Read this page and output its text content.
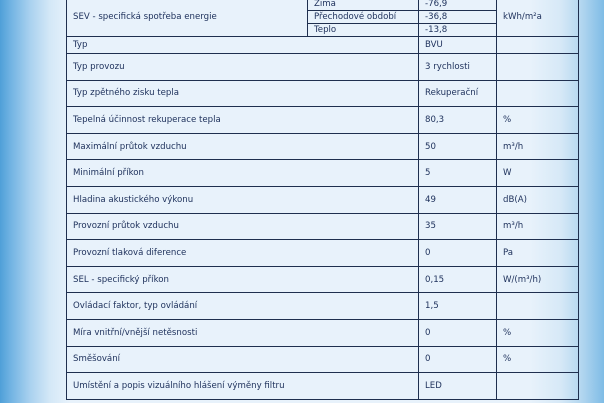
SEV - specifická spotřeba energie	Zima	-76,9	kWh/m²a
	Přechodové období	-36,8	
	Teplo	-13,8	
Typ		BVU	
Typ provozu		3 rychlosti	
Typ zpětného zisku tepla		Rekuperační	
Tepelná účinnost rekuperace tepla		80,3	%
Maximální průtok vzduchu		50	m³/h
Minimální příkon		5	W
Hladina akustického výkonu		49	dB(A)
Provozní průtok vzduchu		35	m³/h
Provozní tlaková diference		0	Pa
SEL - specifický příkon		0,15	W/(m³/h)
Ovládací faktor, typ ovládání		1,5	
Míra vnitřní/vnější netěsnosti		0	%
Směšování		0	%
Umístění a popis vizuálního hlášení výměny filtru		LED	
